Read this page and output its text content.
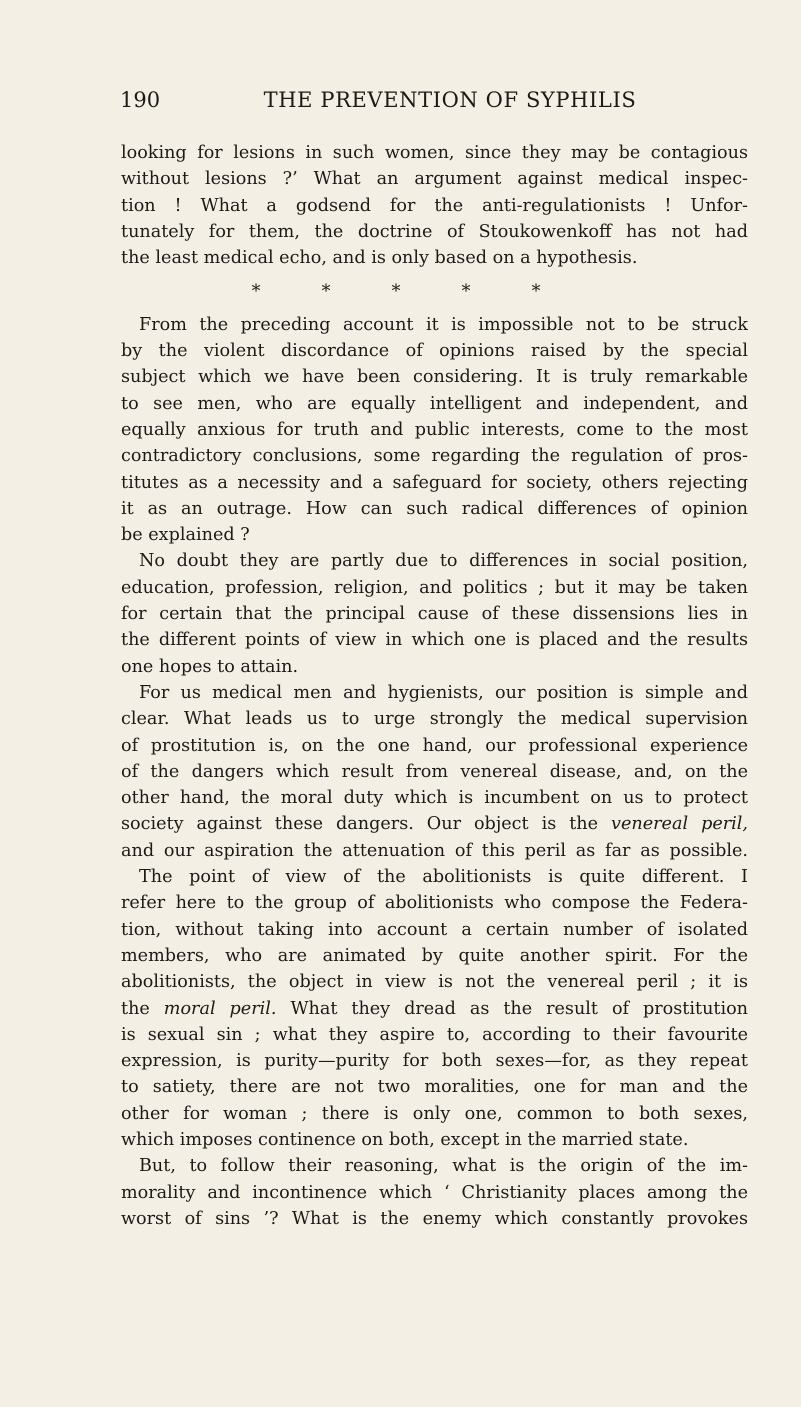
190	THE PREVENTION OF SYPHILIS
looking for lesions in such women, since they may be contagious
without lesions ?’ What an argument against medical inspec-
tion ! What a godsend for the anti-regulationists ! Unfor-
tunately for them, the doctrine of Stoukowenkoff has not had
the least medical echo, and is only based on a hypothesis.
*	*	*	*	*
From the preceding account it is impossible not to be struck
by the violent discordance of opinions raised by the special
subject which we have been considering. It is truly remarkable
to see men, who are equally intelligent and independent, and
equally anxious for truth and public interests, come to the most
contradictory conclusions, some regarding the regulation of pros-
titutes as a necessity and a safeguard for society, others rejecting
it as an outrage. How can such radical differences of opinion
be explained ?
No doubt they are partly due to differences in social position,
education, profession, religion, and politics ; but it may be taken
for certain that the principal cause of these dissensions lies in
the different points of view in which one is placed and the results
one hopes to attain.
For us medical men and hygienists, our position is simple and
clear. What leads us to urge strongly the medical supervision
of prostitution is, on the one hand, our professional experience
of the dangers which result from venereal disease, and, on the
other hand, the moral duty which is incumbent on us to protect
society against these dangers. Our object is the venereal peril,
and our aspiration the attenuation of this peril as far as possible.
The point of view of the abolitionists is quite different. I
refer here to the group of abolitionists who compose the Federa-
tion, without taking into account a certain number of isolated
members, who are animated by quite another spirit. For the
abolitionists, the object in view is not the venereal peril ; it is
the moral peril. What they dread as the result of prostitution
is sexual sin ; what they aspire to, according to their favourite
expression, is purity—purity for both sexes—for, as they repeat
to satiety, there are not two moralities, one for man and the
other for woman ; there is only one, common to both sexes,
which imposes continence on both, except in the married state.
But, to follow their reasoning, what is the origin of the im-
morality and incontinence which ‘ Christianity places among the
worst of sins ’? What is the enemy which constantly provokes
